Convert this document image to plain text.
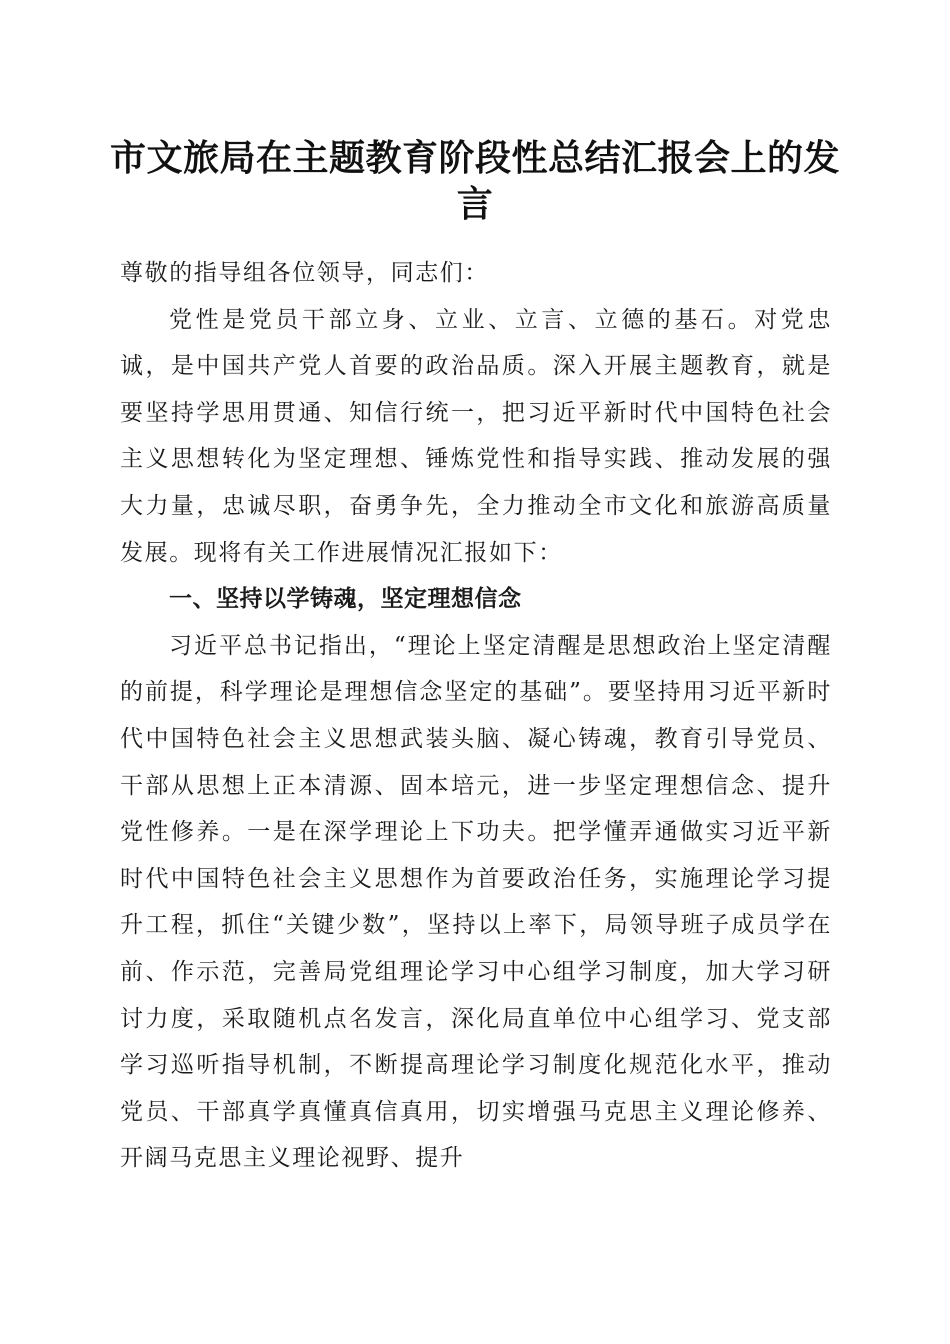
市文旅局在主题教育阶段性总结汇报会上的发言

尊敬的指导组各位领导，同志们：

党性是党员干部立身、立业、立言、立德的基石。对党忠诚，是中国共产党人首要的政治品质。深入开展主题教育，就是要坚持学思用贯通、知信行统一，把习近平新时代中国特色社会主义思想转化为坚定理想、锤炼党性和指导实践、推动发展的强大力量，忠诚尽职，奋勇争先，全力推动全市文化和旅游高质量发展。现将有关工作进展情况汇报如下：

一、坚持以学铸魂，坚定理想信念

习近平总书记指出，“理论上坚定清醒是思想政治上坚定清醒的前提，科学理论是理想信念坚定的基础”。要坚持用习近平新时代中国特色社会主义思想武装头脑、凝心铸魂，教育引导党员、干部从思想上正本清源、固本培元，进一步坚定理想信念、提升党性修养。一是在深学理论上下功夫。把学懂弄通做实习近平新时代中国特色社会主义思想作为首要政治任务，实施理论学习提升工程，抓住“关键少数”，坚持以上率下，局领导班子成员学在前、作示范，完善局党组理论学习中心组学习制度，加大学习研讨力度，采取随机点名发言，深化局直单位中心组学习、党支部学习巡听指导机制，不断提高理论学习制度化规范化水平，推动党员、干部真学真懂真信真用，切实增强马克思主义理论修养、开阔马克思主义理论视野、提升
